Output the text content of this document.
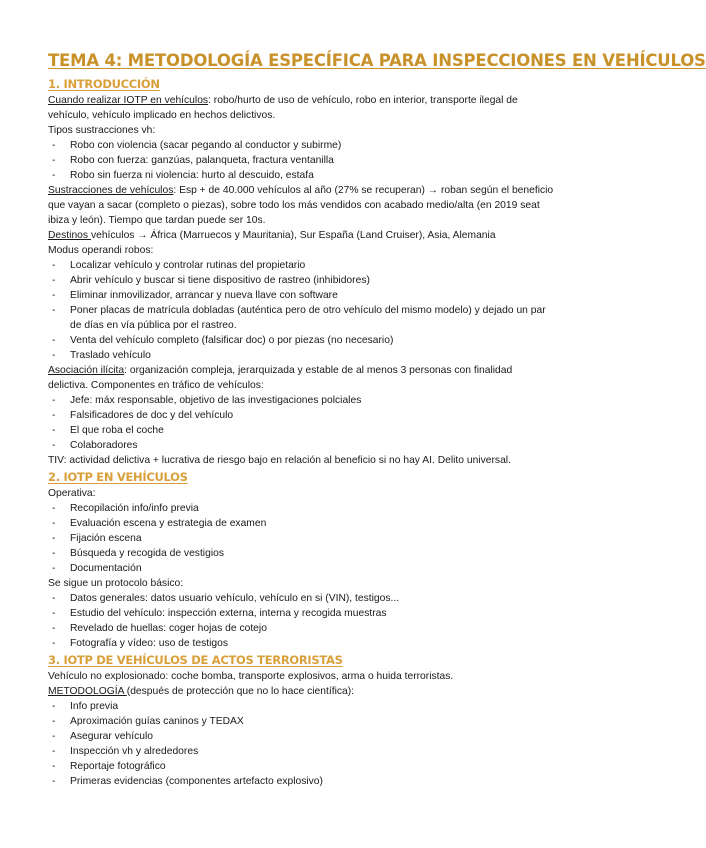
TEMA 4: METODOLOGÍA ESPECÍFICA PARA INSPECCIONES EN VEHÍCULOS
1. INTRODUCCIÓN

Cuando realizar IOTP en vehículos: robo/hurto de uso de vehículo, robo en interior, transporte ilegal de vehículo, vehículo implicado en hechos delictivos.

Tipos sustracciones vh:

- Robo con violencia (sacar pegando al conductor y subirme)
- Robo con fuerza: ganzúas, palanqueta, fractura ventanilla
- Robo sin fuerza ni violencia: hurto al descuido, estafa

Sustracciones de vehículos: Esp + de 40.000 vehículos al año (27% se recuperan) → roban según el beneficio que vayan a sacar (completo o piezas), sobre todo los más vendidos con acabado medio/alta (en 2019 seat ibiza y león). Tiempo que tardan puede ser 10s.

Destinos vehículos → África (Marruecos y Mauritania), Sur España (Land Cruiser), Asia, Alemania

Modus operandi robos:

- Localizar vehículo y controlar rutinas del propietario
- Abrir vehículo y buscar si tiene dispositivo de rastreo (inhibidores)
- Eliminar inmovilizador, arrancar y nueva llave con software
- Poner placas de matrícula dobladas (auténtica pero de otro vehículo del mismo modelo) y dejado un par de días en vía pública por el rastreo.
- Venta del vehículo completo (falsificar doc) o por piezas (no necesario)
- Traslado vehículo

Asociación ilícita: organización compleja, jerarquizada y estable de al menos 3 personas con finalidad delictiva. Componentes en tráfico de vehículos:

- Jefe: máx responsable, objetivo de las investigaciones polciales
- Falsificadores de doc y del vehículo
- El que roba el coche
- Colaboradores

TIV: actividad delictiva + lucrativa de riesgo bajo en relación al beneficio si no hay AI. Delito universal.

2. IOTP EN VEHÍCULOS

Operativa:

- Recopilación info/info previa
- Evaluación escena y estrategia de examen
- Fijación escena
- Búsqueda y recogida de vestigios
- Documentación

Se sigue un protocolo básico:

- Datos generales: datos usuario vehículo, vehículo en si (VIN), testigos...
- Estudio del vehículo: inspección externa, interna y recogida muestras
- Revelado de huellas: coger hojas de cotejo
- Fotografía y vídeo: uso de testigos
3. IOTP DE VEHÍCULOS DE ACTOS TERRORISTAS

Vehículo no explosionado: coche bomba, transporte explosivos, arma o huida terroristas.

METODOLOGÍA (después de protección que no lo hace científica):

- Info previa
- Aproximación guías caninos y TEDAX
- Asegurar vehículo
- Inspección vh y alrededores
- Reportaje fotográfico
- Primeras evidencias (componentes artefacto explosivo)
